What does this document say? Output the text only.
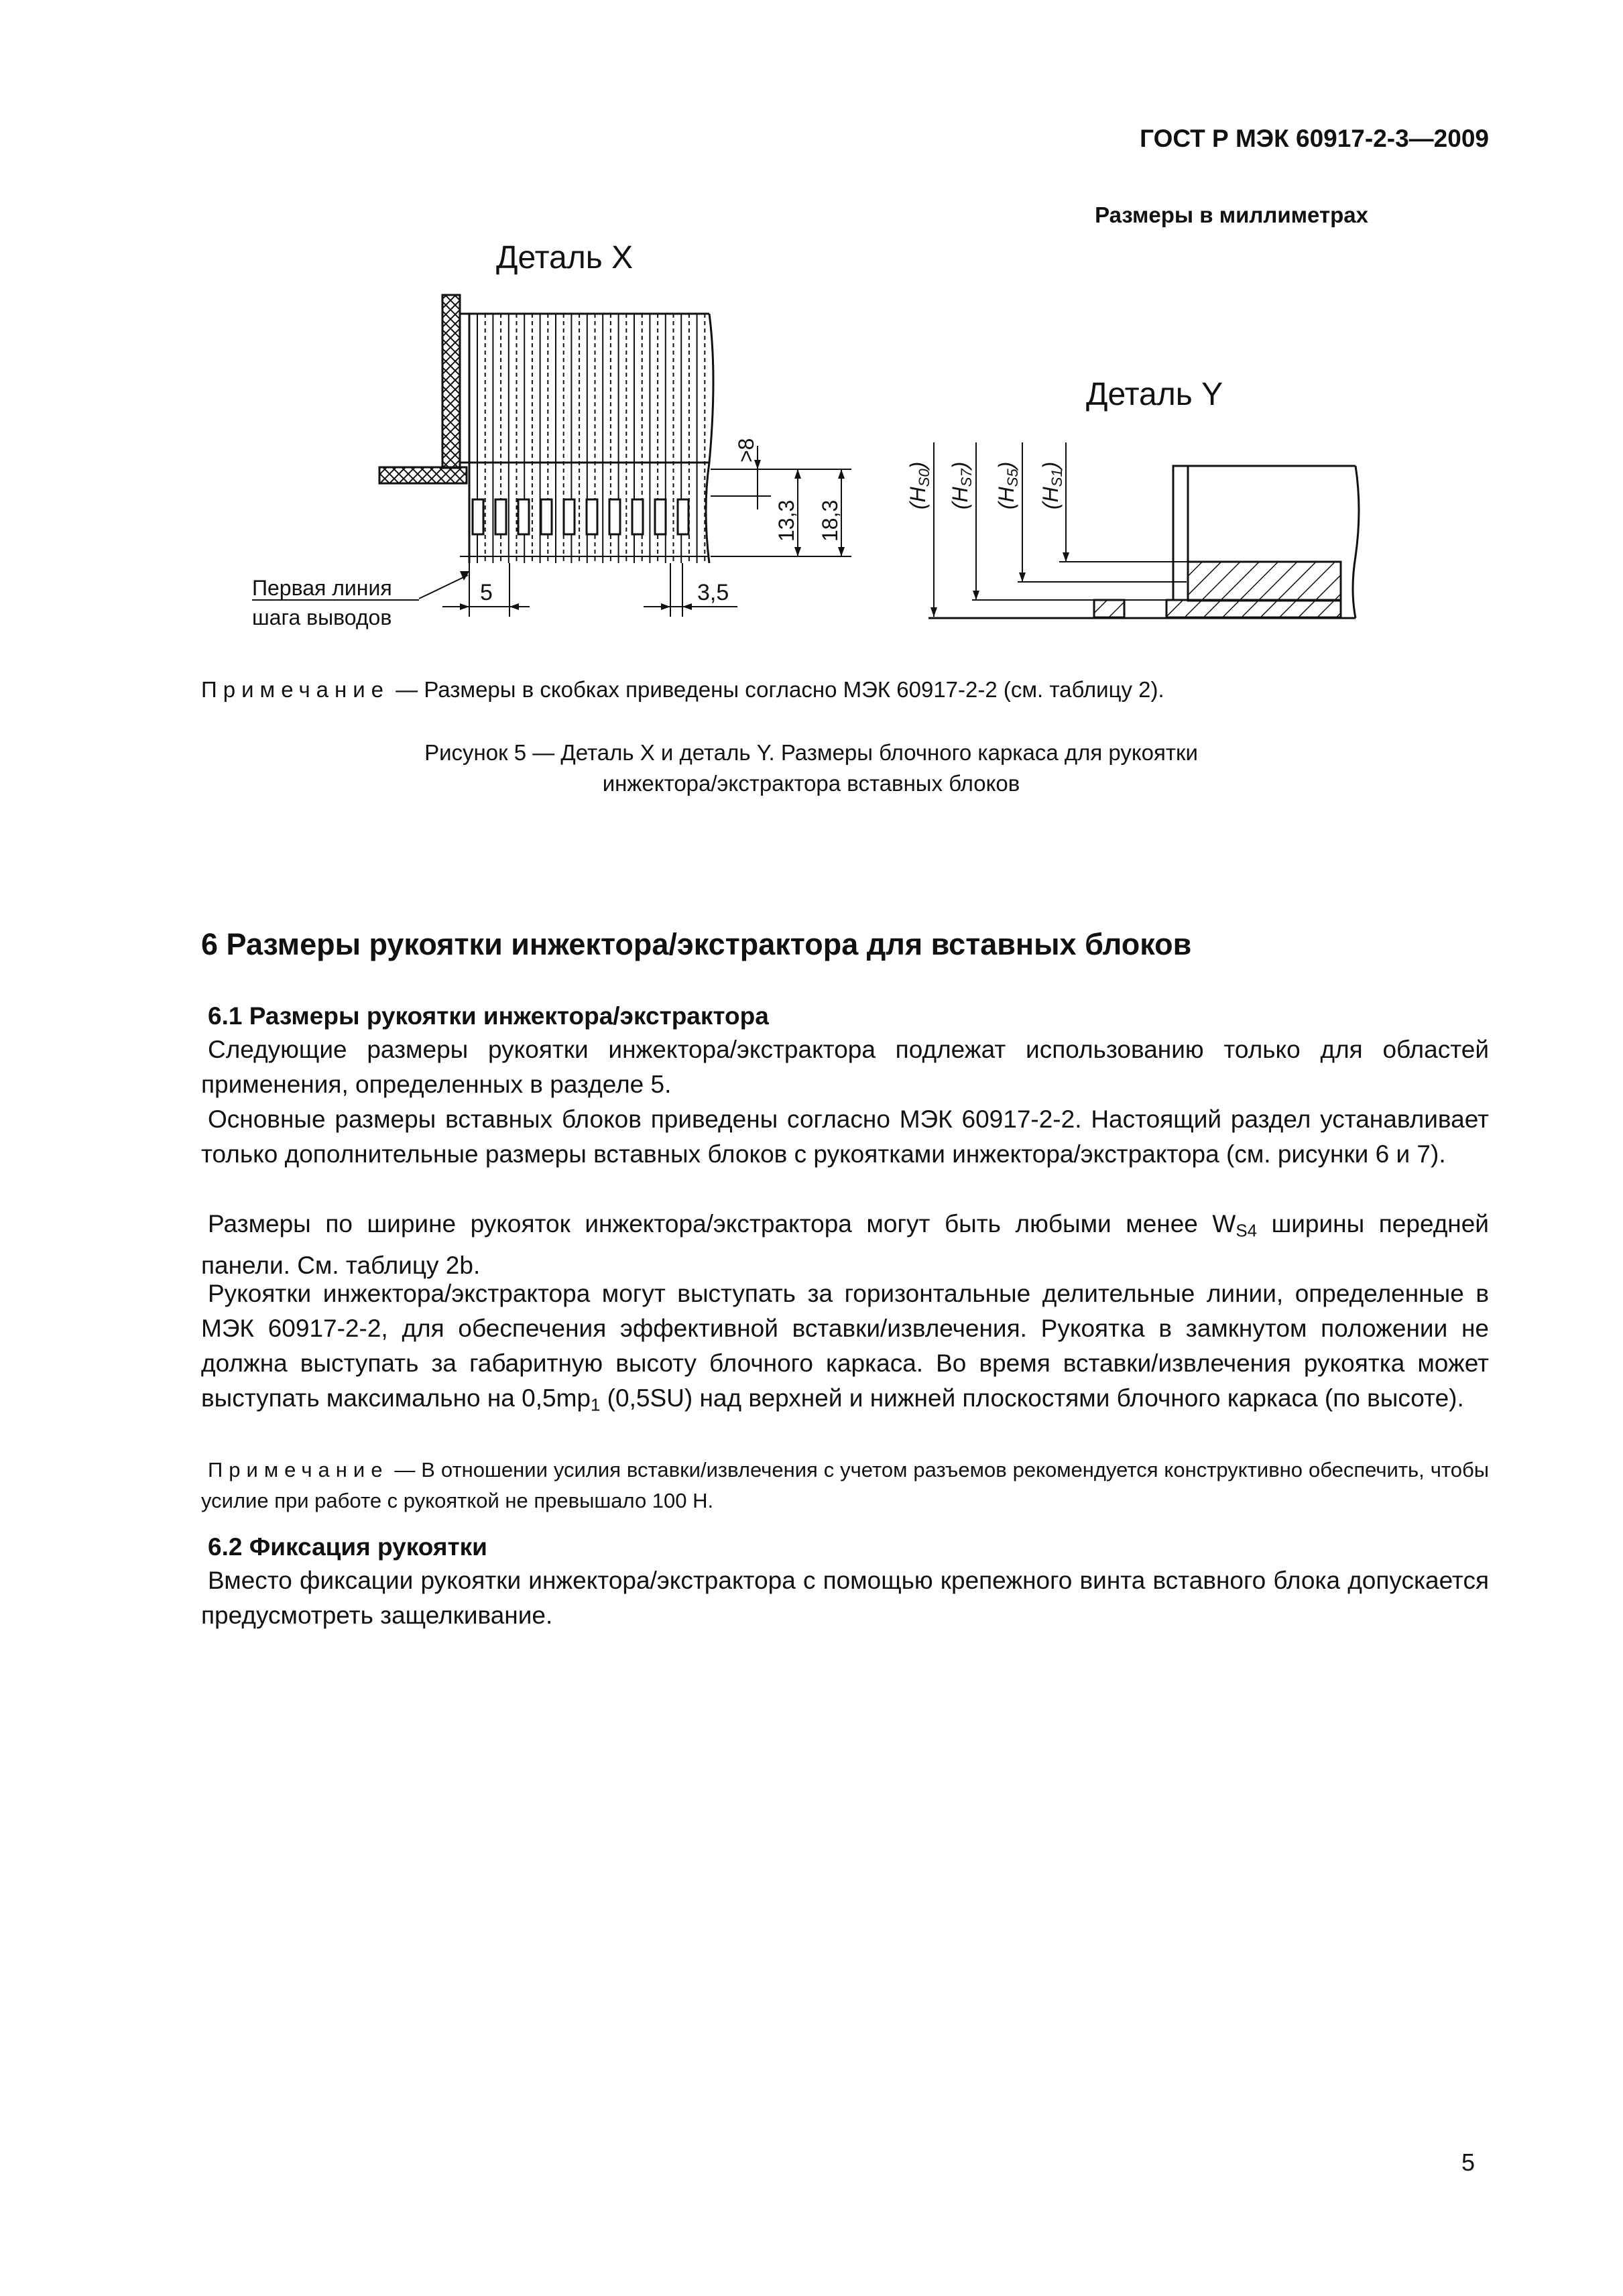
ГОСТ Р МЭК 60917-2-3—2009
Размеры в миллиметрах
Деталь X
Первая линия
шага выводов
5	3,5
>8
13,3 18,3
Деталь Y
(HS0)
(HS7)
(HS5)
(HS1)
Примечание — Размеры в скобках приведены согласно МЭК 60917-2-2 (см. таблицу 2).
Рисунок 5 — Деталь X и деталь Y. Размеры блочного каркаса для рукоятки
инжектора/экстрактора вставных блоков
6 Размеры рукоятки инжектора/экстрактора для вставных блоков
6.1 Размеры рукоятки инжектора/экстрактора
Следующие размеры рукоятки инжектора/экстрактора подлежат использованию только для областей применения, определенных в разделе 5.
Основные размеры вставных блоков приведены согласно МЭК 60917-2-2. Настоящий раздел устанавливает только дополнительные размеры вставных блоков с рукоятками инжектора/экстрактора (см. рисунки 6 и 7).
Размеры по ширине рукояток инжектора/экстрактора могут быть любыми менее $W_{S4}$ ширины передней панели. См. таблицу 2b.
Рукоятки инжектора/экстрактора могут выступать за горизонтальные делительные линии, определенные в МЭК 60917-2-2, для обеспечения эффективной вставки/извлечения. Рукоятка в замкнутом положении не должна выступать за габаритную высоту блочного каркаса. Во время вставки/извлечения рукоятка может выступать максимально на $0,5mp_1$ (0,5SU) над верхней и нижней плоскостями блочного каркаса (по высоте).
Примечание — В отношении усилия вставки/извлечения с учетом разъемов рекомендуется конструктивно обеспечить, чтобы усилие при работе с рукояткой не превышало 100 Н.
6.2 Фиксация рукоятки
Вместо фиксации рукоятки инжектора/экстрактора с помощью крепежного винта вставного блока допускается предусмотреть защелкивание.
5
